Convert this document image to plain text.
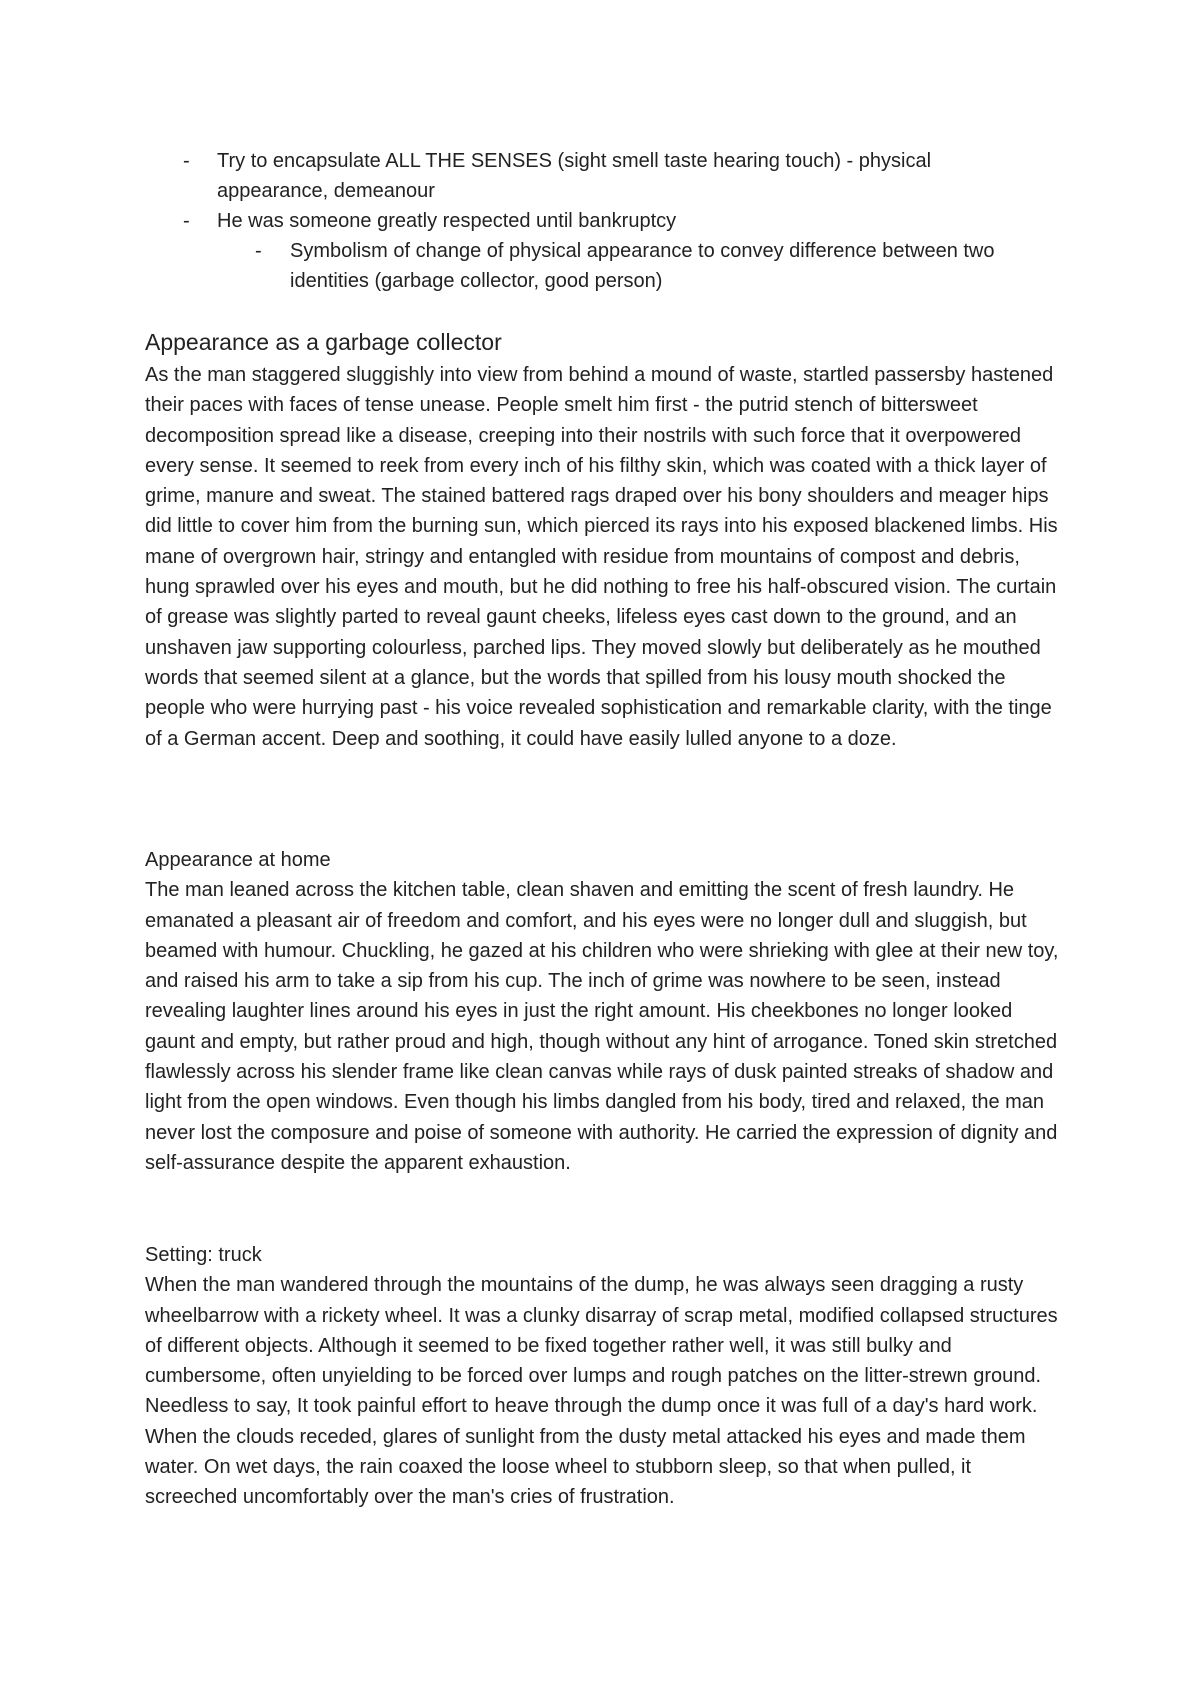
- Try to encapsulate ALL THE SENSES (sight smell taste hearing touch) - physical appearance, demeanour
- He was someone greatly respected until bankruptcy
- Symbolism of change of physical appearance to convey difference between two identities (garbage collector, good person)
Appearance as a garbage collector

As the man staggered sluggishly into view from behind a mound of waste, startled passersby hastened their paces with faces of tense unease. People smelt him first - the putrid stench of bittersweet decomposition spread like a disease, creeping into their nostrils with such force that it overpowered every sense. It seemed to reek from every inch of his filthy skin, which was coated with a thick layer of grime, manure and sweat. The stained battered rags draped over his bony shoulders and meager hips did little to cover him from the burning sun, which pierced its rays into his exposed blackened limbs. His mane of overgrown hair, stringy and entangled with residue from mountains of compost and debris, hung sprawled over his eyes and mouth, but he did nothing to free his half-obscured vision. The curtain of grease was slightly parted to reveal gaunt cheeks, lifeless eyes cast down to the ground, and an unshaven jaw supporting colourless, parched lips. They moved slowly but deliberately as he mouthed words that seemed silent at a glance, but the words that spilled from his lousy mouth shocked the people who were hurrying past - his voice revealed sophistication and remarkable clarity, with the tinge of a German accent. Deep and soothing, it could have easily lulled anyone to a doze.

Appearance at home
The man leaned across the kitchen table, clean shaven and emitting the scent of fresh laundry. He emanated a pleasant air of freedom and comfort, and his eyes were no longer dull and sluggish, but beamed with humour. Chuckling, he gazed at his children who were shrieking with glee at their new toy, and raised his arm to take a sip from his cup. The inch of grime was nowhere to be seen, instead revealing laughter lines around his eyes in just the right amount. His cheekbones no longer looked gaunt and empty, but rather proud and high, though without any hint of arrogance. Toned skin stretched flawlessly across his slender frame like clean canvas while rays of dusk painted streaks of shadow and light from the open windows. Even though his limbs dangled from his body, tired and relaxed, the man never lost the composure and poise of someone with authority. He carried the expression of dignity and self-assurance despite the apparent exhaustion.

Setting: truck
When the man wandered through the mountains of the dump, he was always seen dragging a rusty wheelbarrow with a rickety wheel. It was a clunky disarray of scrap metal, modified collapsed structures of different objects. Although it seemed to be fixed together rather well, it was still bulky and cumbersome, often unyielding to be forced over lumps and rough patches on the litter-strewn ground. Needless to say, It took painful effort to heave through the dump once it was full of a day's hard work. When the clouds receded, glares of sunlight from the dusty metal attacked his eyes and made them water. On wet days, the rain coaxed the loose wheel to stubborn sleep, so that when pulled, it screeched uncomfortably over the man's cries of frustration.
